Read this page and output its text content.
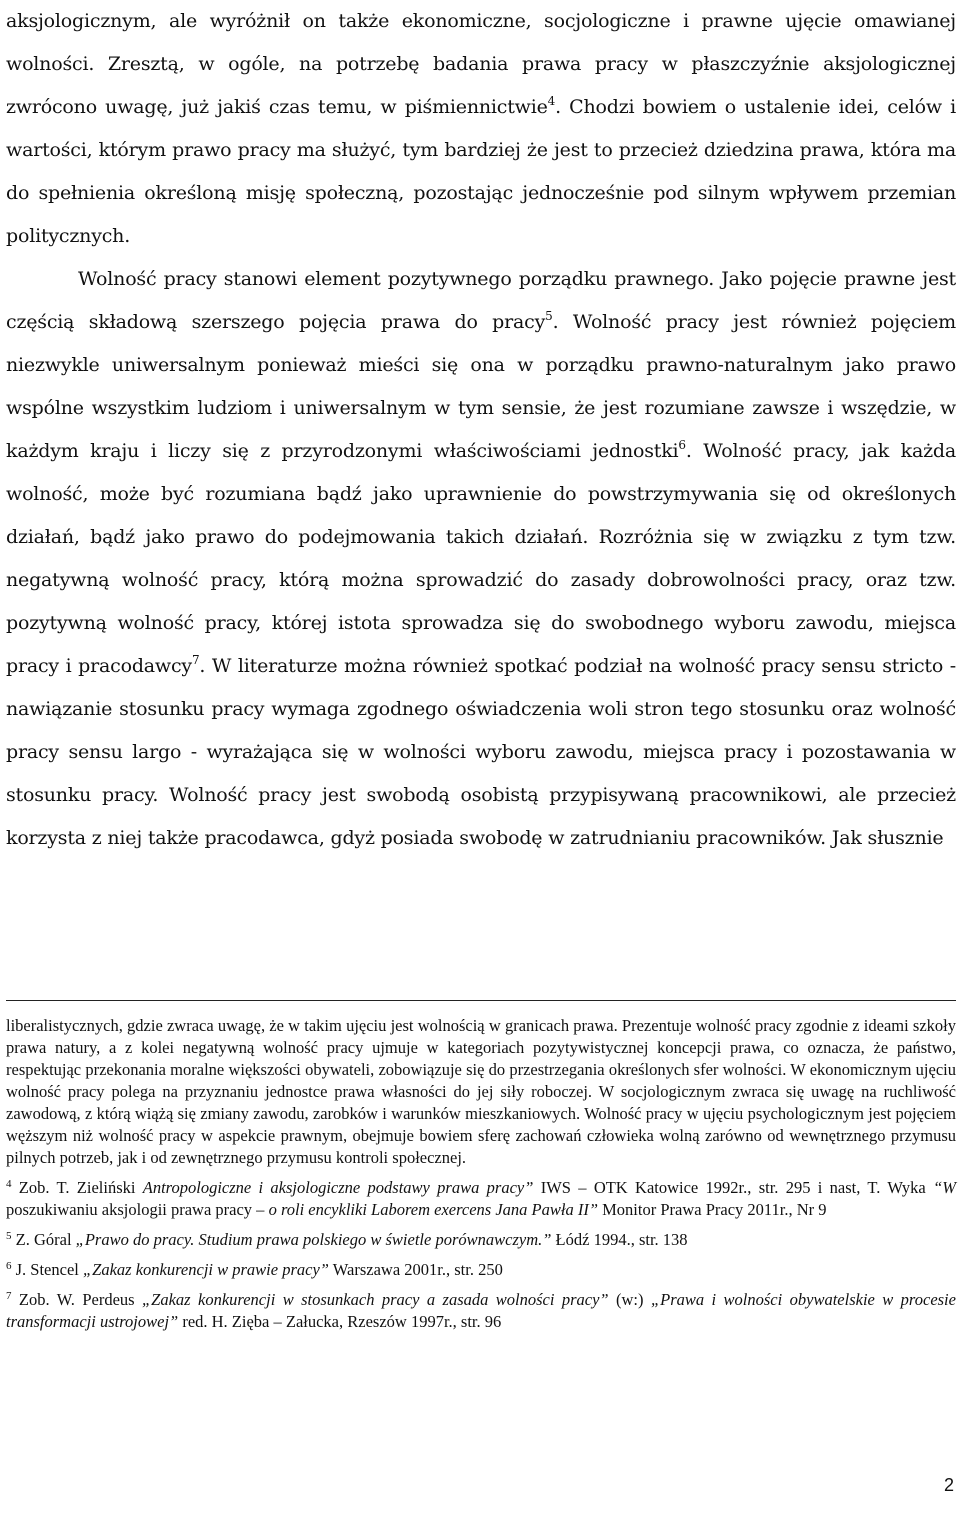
aksjologicznym, ale wyróżnił on także ekonomiczne, socjologiczne i prawne ujęcie omawianej wolności. Zresztą, w ogóle, na potrzebę badania prawa pracy w płaszczyźnie aksjologicznej zwrócono uwagę, już jakiś czas temu, w piśmiennictwie$^4$. Chodzi bowiem o ustalenie idei, celów i wartości, którym prawo pracy ma służyć, tym bardziej że jest to przecież dziedzina prawa, która ma do spełnienia określoną misję społeczną, pozostając jednocześnie pod silnym wpływem przemian politycznych.

Wolność pracy stanowi element pozytywnego porządku prawnego. Jako pojęcie prawne jest częścią składową szerszego pojęcia prawa do pracy$^5$. Wolność pracy jest również pojęciem niezwykle uniwersalnym ponieważ mieści się ona w porządku prawno-naturalnym jako prawo wspólne wszystkim ludziom i uniwersalnym w tym sensie, że jest rozumiane zawsze i wszędzie, w każdym kraju i liczy się z przyrodzonymi właściwościami jednostki$^6$. Wolność pracy, jak każda wolność, może być rozumiana bądź jako uprawnienie do powstrzymywania się od określonych działań, bądź jako prawo do podejmowania takich działań. Rozróżnia się w związku z tym tzw. negatywną wolność pracy, którą można sprowadzić do zasady dobrowolności pracy, oraz tzw. pozytywną wolność pracy, której istota sprowadza się do swobodnego wyboru zawodu, miejsca pracy i pracodawcy$^7$. W literaturze można również spotkać podział na wolność pracy sensu stricto - nawiązanie stosunku pracy wymaga zgodnego oświadczenia woli stron tego stosunku oraz wolność pracy sensu largo - wyrażająca się w wolności wyboru zawodu, miejsca pracy i pozostawania w stosunku pracy. Wolność pracy jest swobodą osobistą przypisywaną pracownikowi, ale przecież korzysta z niej także pracodawca, gdyż posiada swobodę w zatrudnianiu pracowników. Jak słusznie

liberalistycznych, gdzie zwraca uwagę, że w takim ujęciu jest wolnością w granicach prawa. Prezentuje wolność pracy zgodnie z ideami szkoły prawa natury, a z kolei negatywną wolność pracy ujmuje w kategoriach pozytywistycznej koncepcji prawa, co oznacza, że państwo, respektując przekonania moralne większości obywateli, zobowiązuje się do przestrzegania określonych sfer wolności. W ekonomicznym ujęciu wolność pracy polega na przyznaniu jednostce prawa własności do jej siły roboczej. W socjologicznym zwraca się uwagę na ruchliwość zawodową, z którą wiążą się zmiany zawodu, zarobków i warunków mieszkaniowych. Wolność pracy w ujęciu psychologicznym jest pojęciem węższym niż wolność pracy w aspekcie prawnym, obejmuje bowiem sferę zachowań człowieka wolną zarówno od wewnętrznego przymusu pilnych potrzeb, jak i od zewnętrznego przymusu kontroli społecznej.

$^4$ Zob. T. Zieliński Antropologiczne i aksjologiczne podstawy prawa pracy” IWS – OTK Katowice 1992r., str. 295 i nast, T. Wyka “W poszukiwaniu aksjologii prawa pracy – o roli encykliki Laborem exercens Jana Pawła II” Monitor Prawa Pracy 2011r., Nr 9

$^5$ Z. Góral „Prawo do pracy. Studium prawa polskiego w świetle porównawczym.” Łódź 1994., str. 138

$^6$ J. Stencel „Zakaz konkurencji w prawie pracy” Warszawa 2001r., str. 250

$^7$ Zob. W. Perdeus „Zakaz konkurencji w stosunkach pracy a zasada wolności pracy” (w:) „Prawa i wolności obywatelskie w procesie transformacji ustrojowej” red. H. Zięba – Załucka, Rzeszów 1997r., str. 96

2
